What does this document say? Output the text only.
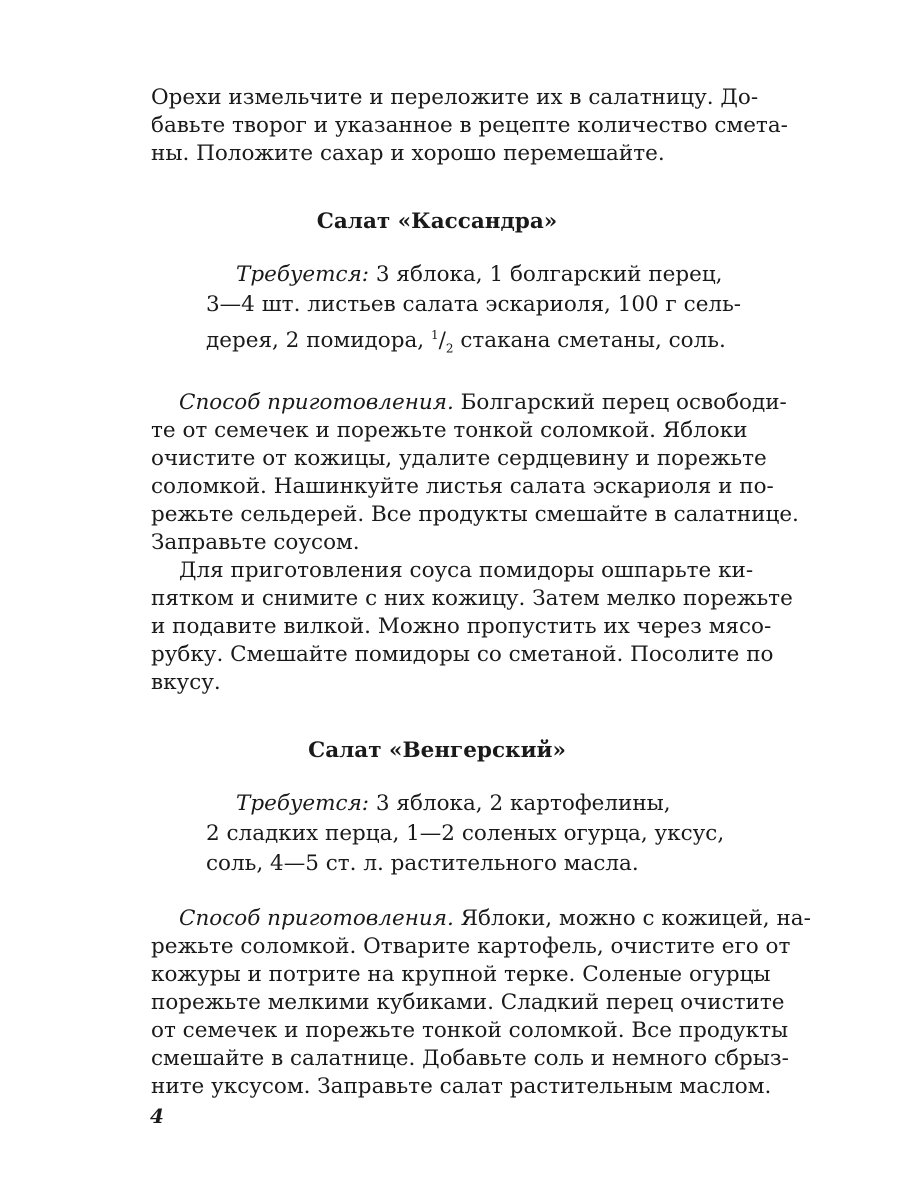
Орехи измельчите и переложите их в салатницу. До-
бавьте творог и указанное в рецепте количество смета-
ны. Положите сахар и хорошо перемешайте.
Салат «Кассандра»
Требуется: 3 яблока, 1 болгарский перец,
3—4 шт. листьев салата эскариоля, 100 г сель-
дерея, 2 помидора, $^1/_2$ стакана сметаны, соль.
Способ приготовления. Болгарский перец освободи-
те от семечек и порежьте тонкой соломкой. Яблоки
очистите от кожицы, удалите сердцевину и порежьте
соломкой. Нашинкуйте листья салата эскариоля и по-
режьте сельдерей. Все продукты смешайте в салатнице.
Заправьте соусом.
Для приготовления соуса помидоры ошпарьте ки-
пятком и снимите с них кожицу. Затем мелко порежьте
и подавите вилкой. Можно пропустить их через мясо-
рубку. Смешайте помидоры со сметаной. Посолите по
вкусу.
Салат «Венгерский»
Требуется: 3 яблока, 2 картофелины,
2 сладких перца, 1—2 соленых огурца, уксус,
соль, 4—5 ст. л. растительного масла.
Способ приготовления. Яблоки, можно с кожицей, на-
режьте соломкой. Отварите картофель, очистите его от
кожуры и потрите на крупной терке. Соленые огурцы
порежьте мелкими кубиками. Сладкий перец очистите
от семечек и порежьте тонкой соломкой. Все продукты
смешайте в салатнице. Добавьте соль и немного сбрыз-
ните уксусом. Заправьте салат растительным маслом.
4
